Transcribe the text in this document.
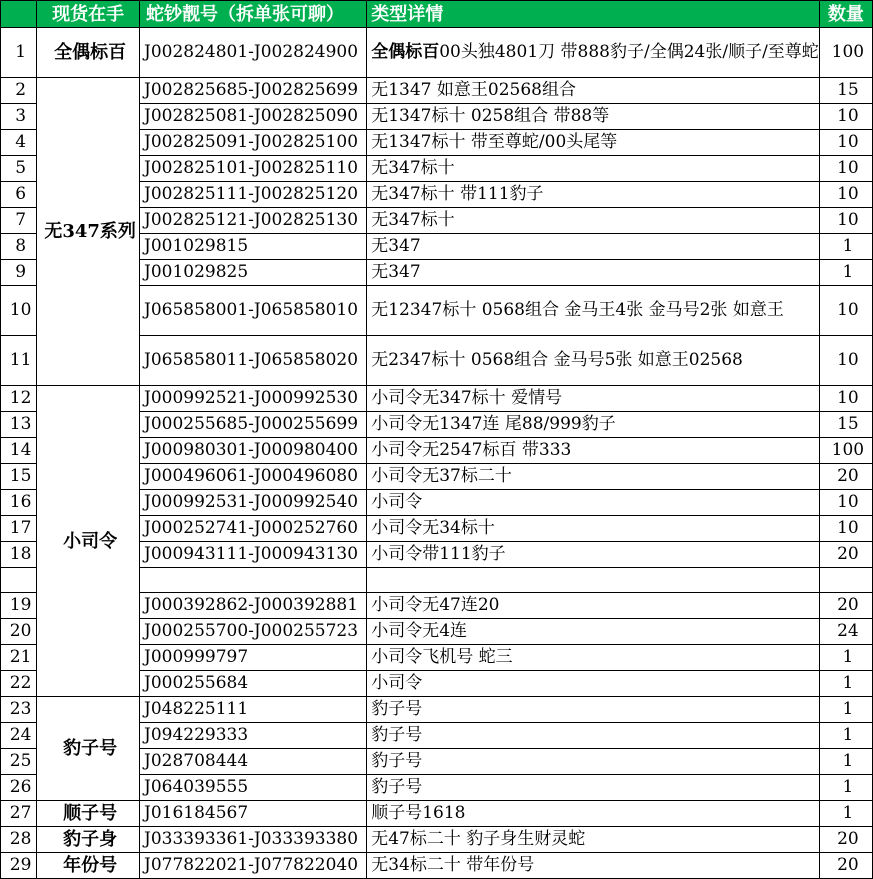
	现货在手	蛇钞靓号（拆单张可聊）	类型详情	数量
1	全偶标百	J002824801-J002824900	全偶标百00头独4801刀 带888豹子/全偶24张/顺子/至尊蛇	100
2	无347系列	J002825685-J002825699	无1347 如意王02568组合	15
3		J002825081-J002825090	无1347标十 0258组合 带88等	10
4		J002825091-J002825100	无1347标十 带至尊蛇/00头尾等	10
5		J002825101-J002825110	无347标十	10
6		J002825111-J002825120	无347标十 带111豹子	10
7		J002825121-J002825130	无347标十	10
8		J001029815	无347	1
9		J001029825	无347	1
10		J065858001-J065858010	无12347标十 0568组合 金马王4张 金马号2张 如意王	10
11		J065858011-J065858020	无2347标十 0568组合 金马号5张 如意王02568	10
12	小司令	J000992521-J000992530	小司令无347标十 爱情号	10
13		J000255685-J000255699	小司令无1347连 尾88/999豹子	15
14		J000980301-J000980400	小司令无2547标百 带333	100
15		J000496061-J000496080	小司令无37标二十	20
16		J000992531-J000992540	小司令	10
17		J000252741-J000252760	小司令无34标十	10
18		J000943111-J000943130	小司令带111豹子	20

19		J000392862-J000392881	小司令无47连20	20
20		J000255700-J000255723	小司令无4连	24
21		J000999797	小司令飞机号 蛇三	1
22		J000255684	小司令	1
23	豹子号	J048225111	豹子号	1
24		J094229333	豹子号	1
25		J028708444	豹子号	1
26		J064039555	豹子号	1
27	顺子号	J016184567	顺子号1618	1
28	豹子身	J033393361-J033393380	无47标二十 豹子身生财灵蛇	20
29	年份号	J077822021-J077822040	无34标二十 带年份号	20
